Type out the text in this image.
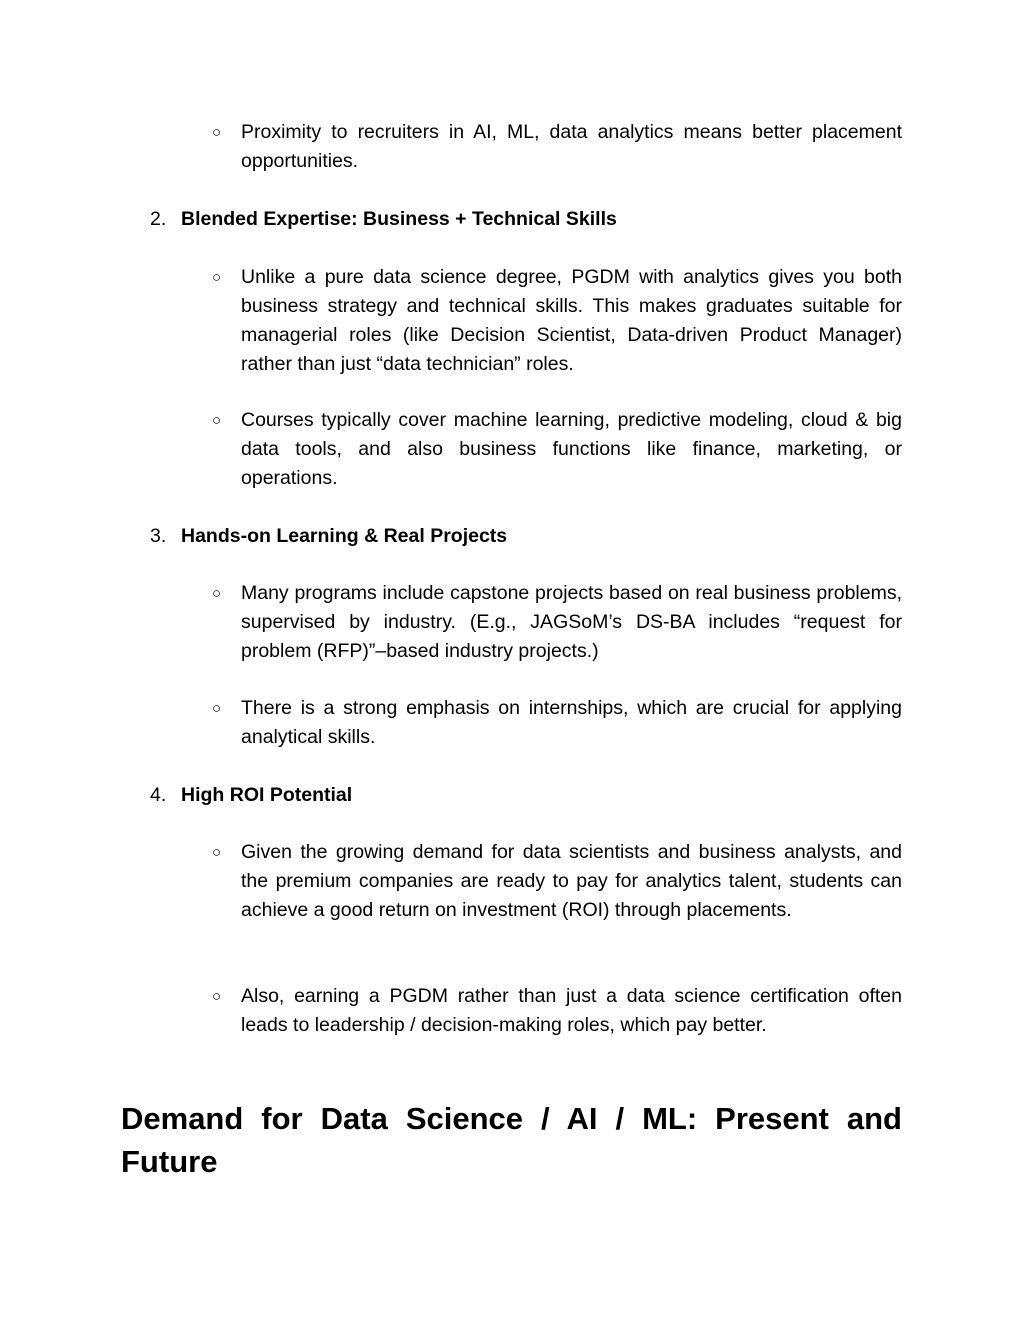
○ Proximity to recruiters in AI, ML, data analytics means better placement opportunities.
2. Blended Expertise: Business + Technical Skills
○ Unlike a pure data science degree, PGDM with analytics gives you both business strategy and technical skills. This makes graduates suitable for managerial roles (like Decision Scientist, Data-driven Product Manager) rather than just “data technician” roles.
○ Courses typically cover machine learning, predictive modeling, cloud & big data tools, and also business functions like finance, marketing, or operations.
3. Hands-on Learning & Real Projects
○ Many programs include capstone projects based on real business problems, supervised by industry. (E.g., JAGSoM’s DS-BA includes “request for problem (RFP)”–based industry projects.)
○ There is a strong emphasis on internships, which are crucial for applying analytical skills.
4. High ROI Potential
○ Given the growing demand for data scientists and business analysts, and the premium companies are ready to pay for analytics talent, students can achieve a good return on investment (ROI) through placements.
○ Also, earning a PGDM rather than just a data science certification often leads to leadership / decision-making roles, which pay better.
Demand for Data Science / AI / ML: Present and Future
